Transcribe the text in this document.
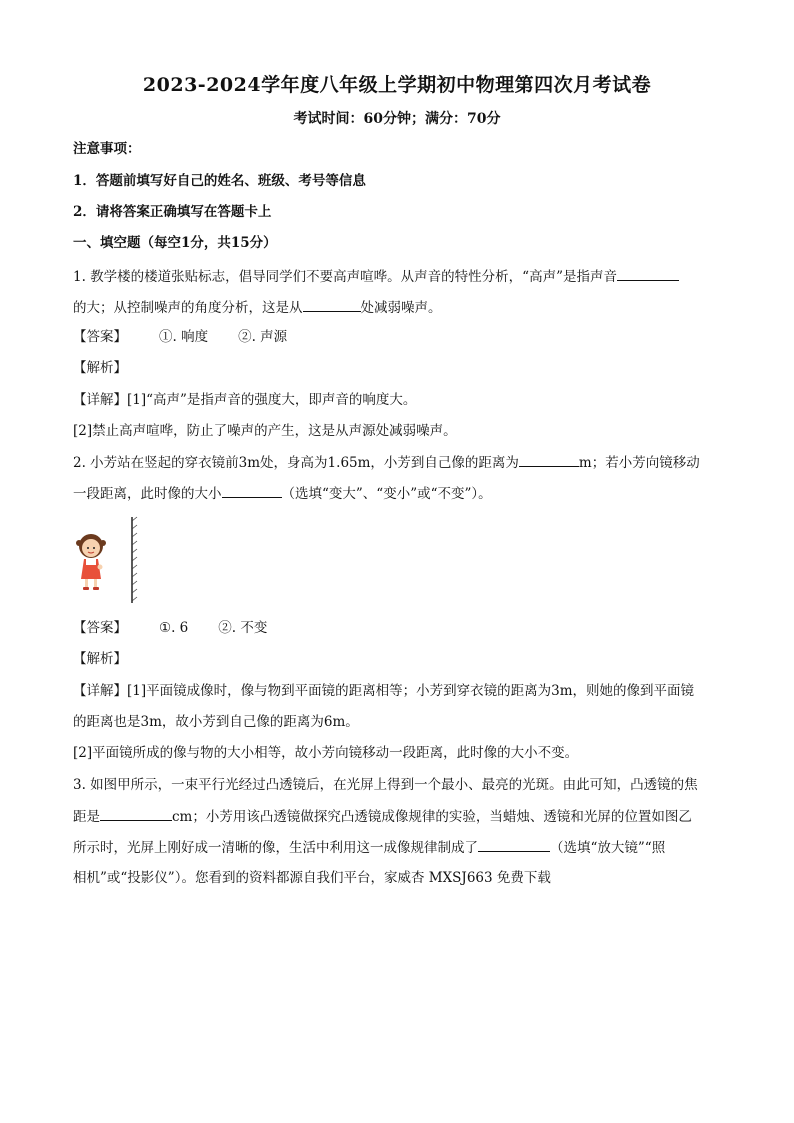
2023-2024学年度八年级上学期初中物理第四次月考试卷
考试时间：60分钟；满分：70分
注意事项：
1．答题前填写好自己的姓名、班级、考号等信息
2．请将答案正确填写在答题卡上
一、填空题（每空1分，共15分）
1. 教学楼的楼道张贴标志，倡导同学们不要高声喧哗。从声音的特性分析，“高声”是指声音
的大；从控制噪声的角度分析，这是从	处减弱噪声。
【答案】 ①. 响度 ②. 声源
【解析】
【详解】[1]“高声”是指声音的强度大，即声音的响度大。
[2]禁止高声喧哗，防止了噪声的产生，这是从声源处减弱噪声。
2. 小芳站在竖起的穿衣镜前3m处，身高为1.65m，小芳到自己像的距离为	m；若小芳向镜移动
一段距离，此时像的大小	（选填“变大”、“变小”或“不变”）。
【答案】 ①. 6 ②. 不变
【解析】
【详解】[1]平面镜成像时，像与物到平面镜的距离相等；小芳到穿衣镜的距离为3m，则她的像到平面镜
的距离也是3m，故小芳到自己像的距离为6m。
[2]平面镜所成的像与物的大小相等，故小芳向镜移动一段距离，此时像的大小不变。
3. 如图甲所示，一束平行光经过凸透镜后，在光屏上得到一个最小、最亮的光斑。由此可知，凸透镜的焦
距是	cm；小芳用该凸透镜做探究凸透镜成像规律的实验，当蜡烛、透镜和光屏的位置如图乙
所示时，光屏上刚好成一清晰的像，生活中利用这一成像规律制成了	（选填“放大镜”“照
相机”或“投影仪”）。您看到的资料都源自我们平台，家威杏 MXSJ663 免费下载
